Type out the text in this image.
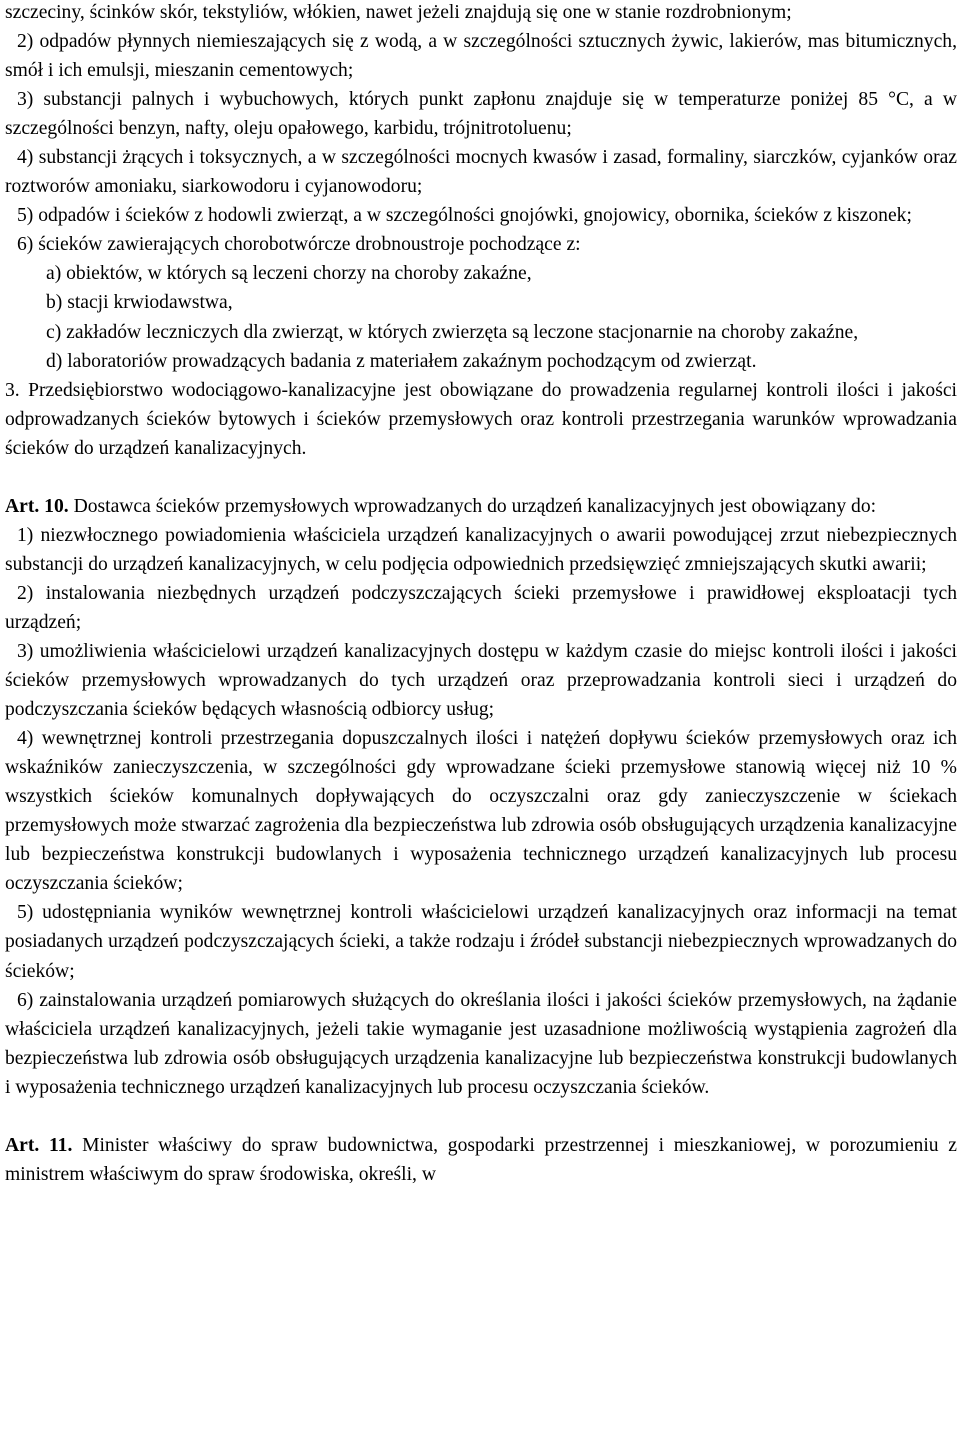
szczeciny, ścinków skór, tekstyliów, włókien, nawet jeżeli znajdują się one w stanie rozdrobnionym;

2) odpadów płynnych niemieszających się z wodą, a w szczególności sztucznych żywic, lakierów, mas bitumicznych, smół i ich emulsji, mieszanin cementowych;

3) substancji palnych i wybuchowych, których punkt zapłonu znajduje się w temperaturze poniżej 85 °C, a w szczególności benzyn, nafty, oleju opałowego, karbidu, trójnitrotoluenu;

4) substancji żrących i toksycznych, a w szczególności mocnych kwasów i zasad, formaliny, siarczków, cyjanków oraz roztworów amoniaku, siarkowodoru i cyjanowodoru;

5) odpadów i ścieków z hodowli zwierząt, a w szczególności gnojówki, gnojowicy, obornika, ścieków z kiszonek;

6) ścieków zawierających chorobotwórcze drobnoustroje pochodzące z:

a) obiektów, w których są leczeni chorzy na choroby zakaźne,

b) stacji krwiodawstwa,

c) zakładów leczniczych dla zwierząt, w których zwierzęta są leczone stacjonarnie na choroby zakaźne,

d) laboratoriów prowadzących badania z materiałem zakaźnym pochodzącym od zwierząt.

3. Przedsiębiorstwo wodociągowo-kanalizacyjne jest obowiązane do prowadzenia regularnej kontroli ilości i jakości odprowadzanych ścieków bytowych i ścieków przemysłowych oraz kontroli przestrzegania warunków wprowadzania ścieków do urządzeń kanalizacyjnych.

Art. 10. Dostawca ścieków przemysłowych wprowadzanych do urządzeń kanalizacyjnych jest obowiązany do:

1) niezwłocznego powiadomienia właściciela urządzeń kanalizacyjnych o awarii powodującej zrzut niebezpiecznych substancji do urządzeń kanalizacyjnych, w celu podjęcia odpowiednich przedsięwzięć zmniejszających skutki awarii;

2) instalowania niezbędnych urządzeń podczyszczających ścieki przemysłowe i prawidłowej eksploatacji tych urządzeń;

3) umożliwienia właścicielowi urządzeń kanalizacyjnych dostępu w każdym czasie do miejsc kontroli ilości i jakości ścieków przemysłowych wprowadzanych do tych urządzeń oraz przeprowadzania kontroli sieci i urządzeń do podczyszczania ścieków będących własnością odbiorcy usług;

4) wewnętrznej kontroli przestrzegania dopuszczalnych ilości i natężeń dopływu ścieków przemysłowych oraz ich wskaźników zanieczyszczenia, w szczególności gdy wprowadzane ścieki przemysłowe stanowią więcej niż 10 % wszystkich ścieków komunalnych dopływających do oczyszczalni oraz gdy zanieczyszczenie w ściekach przemysłowych może stwarzać zagrożenia dla bezpieczeństwa lub zdrowia osób obsługujących urządzenia kanalizacyjne lub bezpieczeństwa konstrukcji budowlanych i wyposażenia technicznego urządzeń kanalizacyjnych lub procesu oczyszczania ścieków;

5) udostępniania wyników wewnętrznej kontroli właścicielowi urządzeń kanalizacyjnych oraz informacji na temat posiadanych urządzeń podczyszczających ścieki, a także rodzaju i źródeł substancji niebezpiecznych wprowadzanych do ścieków;

6) zainstalowania urządzeń pomiarowych służących do określania ilości i jakości ścieków przemysłowych, na żądanie właściciela urządzeń kanalizacyjnych, jeżeli takie wymaganie jest uzasadnione możliwością wystąpienia zagrożeń dla bezpieczeństwa lub zdrowia osób obsługujących urządzenia kanalizacyjne lub bezpieczeństwa konstrukcji budowlanych i wyposażenia technicznego urządzeń kanalizacyjnych lub procesu oczyszczania ścieków.

Art. 11. Minister właściwy do spraw budownictwa, gospodarki przestrzennej i mieszkaniowej, w porozumieniu z ministrem właściwym do spraw środowiska, określi, w
